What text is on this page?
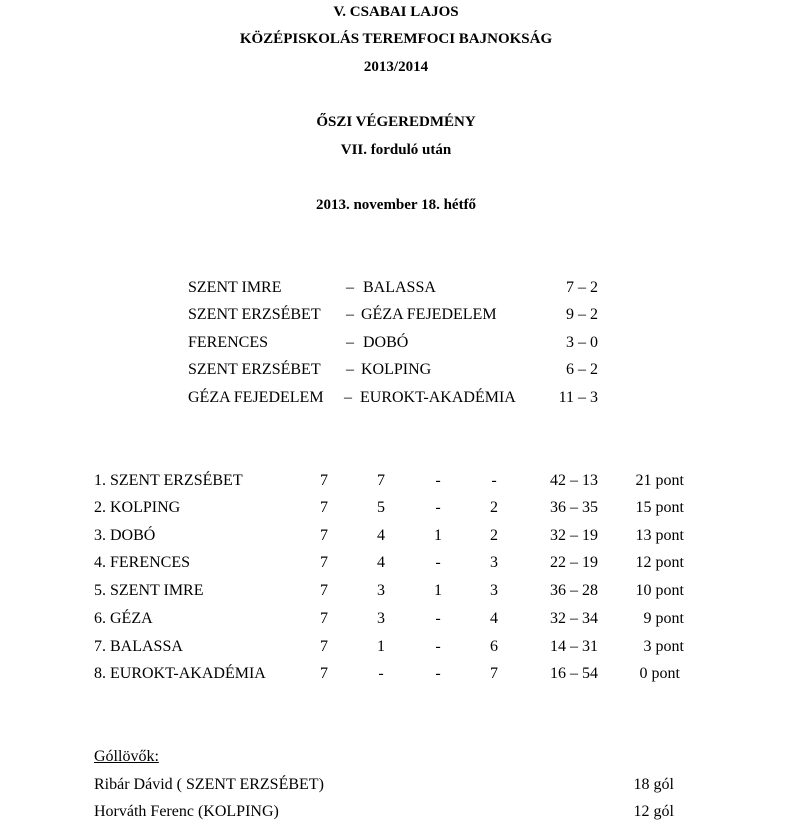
V. CSABAI LAJOS
KÖZÉPISKOLÁS TEREMFOCI BAJNOKSÁG
2013/2014
ŐSZI VÉGEREDMÉNY
VII. forduló után
2013. november 18. hétfő
SZENT IMRE	– BALASSA	7 – 2
SZENT ERZSÉBET – GÉZA FEJEDELEM	9 – 2
FERENCES	– DOBÓ	3 – 0
SZENT ERZSÉBET – KOLPING	6 – 2
GÉZA FEJEDELEM – EUROKT-AKADÉMIA	11 – 3
1. SZENT ERZSÉBET	7	7	-	-	42 – 13	21 pont
2. KOLPING	7	5	-	2	36 – 35	15 pont
3. DOBÓ	7	4	1	2	32 – 19	13 pont
4. FERENCES	7	4	-	3	22 – 19	12 pont
5. SZENT IMRE	7	3	1	3	36 – 28	10 pont
6. GÉZA	7	3	-	4	32 – 34	9 pont
7. BALASSA	7	1	-	6	14 – 31	3 pont
8. EUROKT-AKADÉMIA	7	-	-	7	16 – 54	0 pont
Góllövők:
Ribár Dávid ( SZENT ERZSÉBET)	18 gól
Horváth Ferenc (KOLPING)	12 gól
